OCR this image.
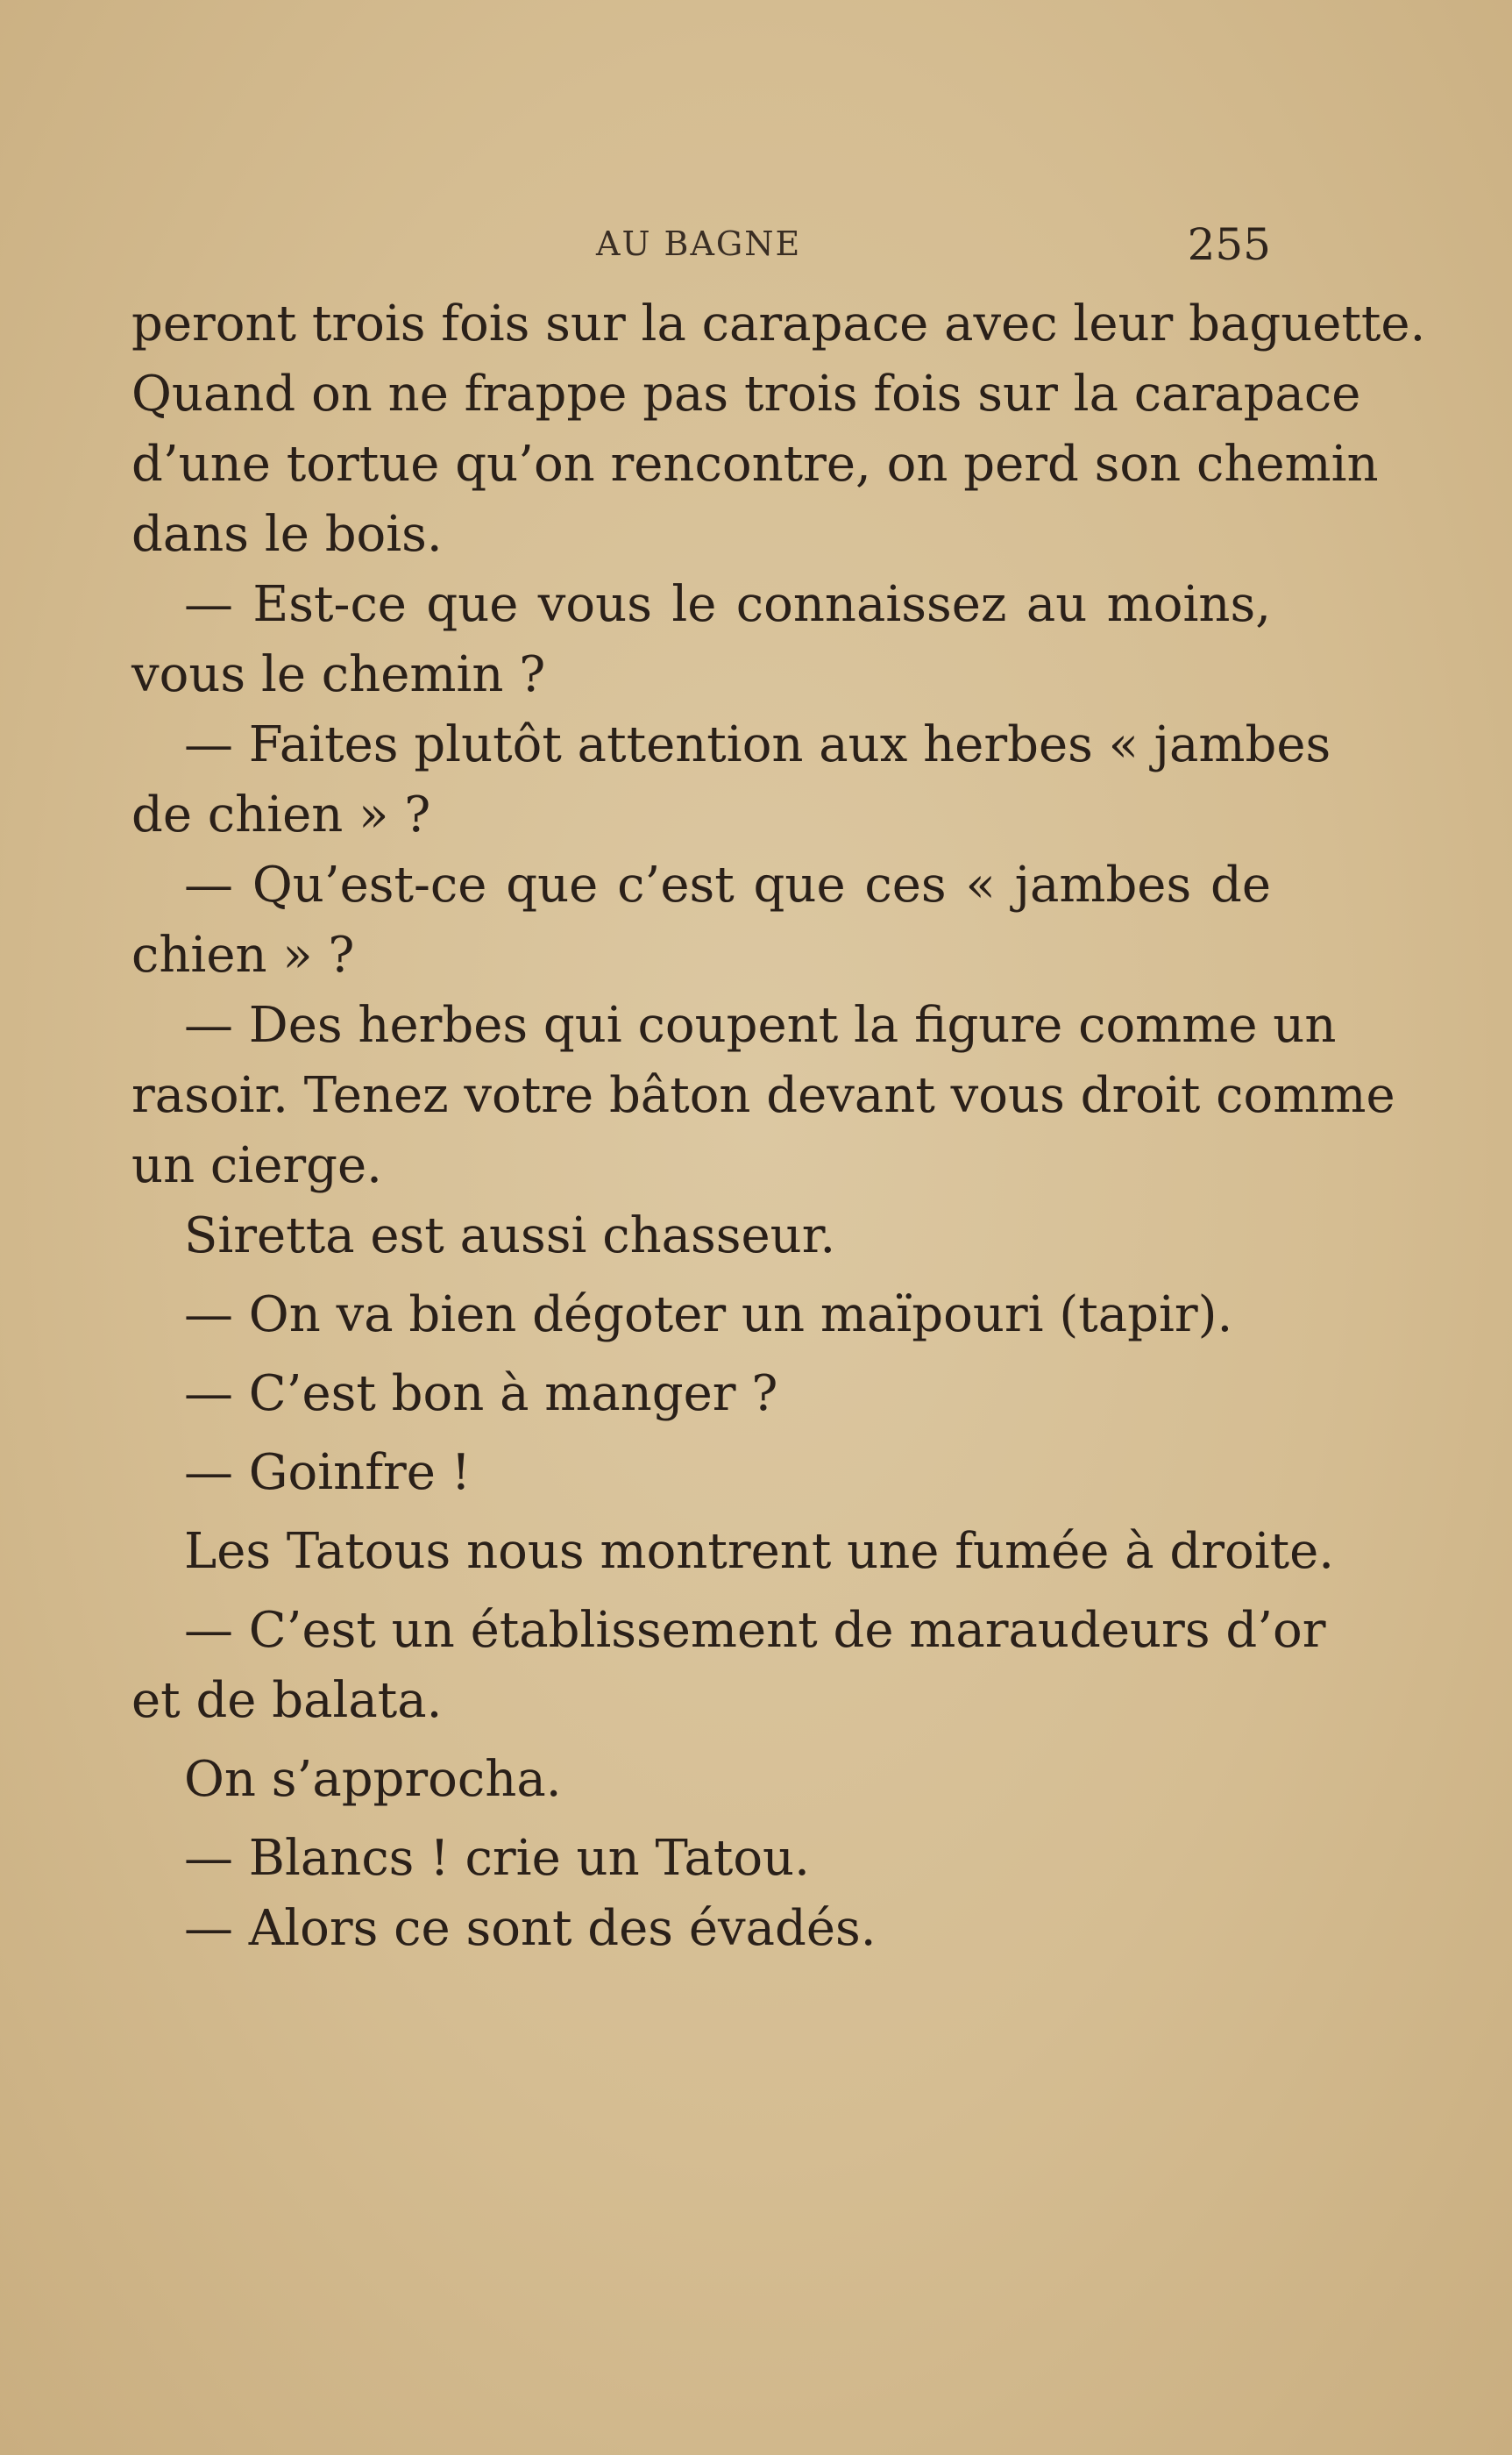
AU BAGNE	255
peront trois fois sur la carapace avec leur baguette.
Quand on ne frappe pas trois fois sur la carapace
d’une tortue qu’on rencontre, on perd son chemin
dans le bois.
— Est-ce que vous le connaissez au moins,
vous le chemin ?
— Faites plutôt attention aux herbes « jambes
de chien » ?
— Qu’est-ce que c’est que ces « jambes de
chien » ?
— Des herbes qui coupent la figure comme un
rasoir. Tenez votre bâton devant vous droit comme
un cierge.
Siretta est aussi chasseur.
— On va bien dégoter un maïpouri (tapir).
— C’est bon à manger ?
— Goinfre !
Les Tatous nous montrent une fumée à droite.
— C’est un établissement de maraudeurs d’or
et de balata.
On s’approcha.
— Blancs ! crie un Tatou.
— Alors ce sont des évadés.
